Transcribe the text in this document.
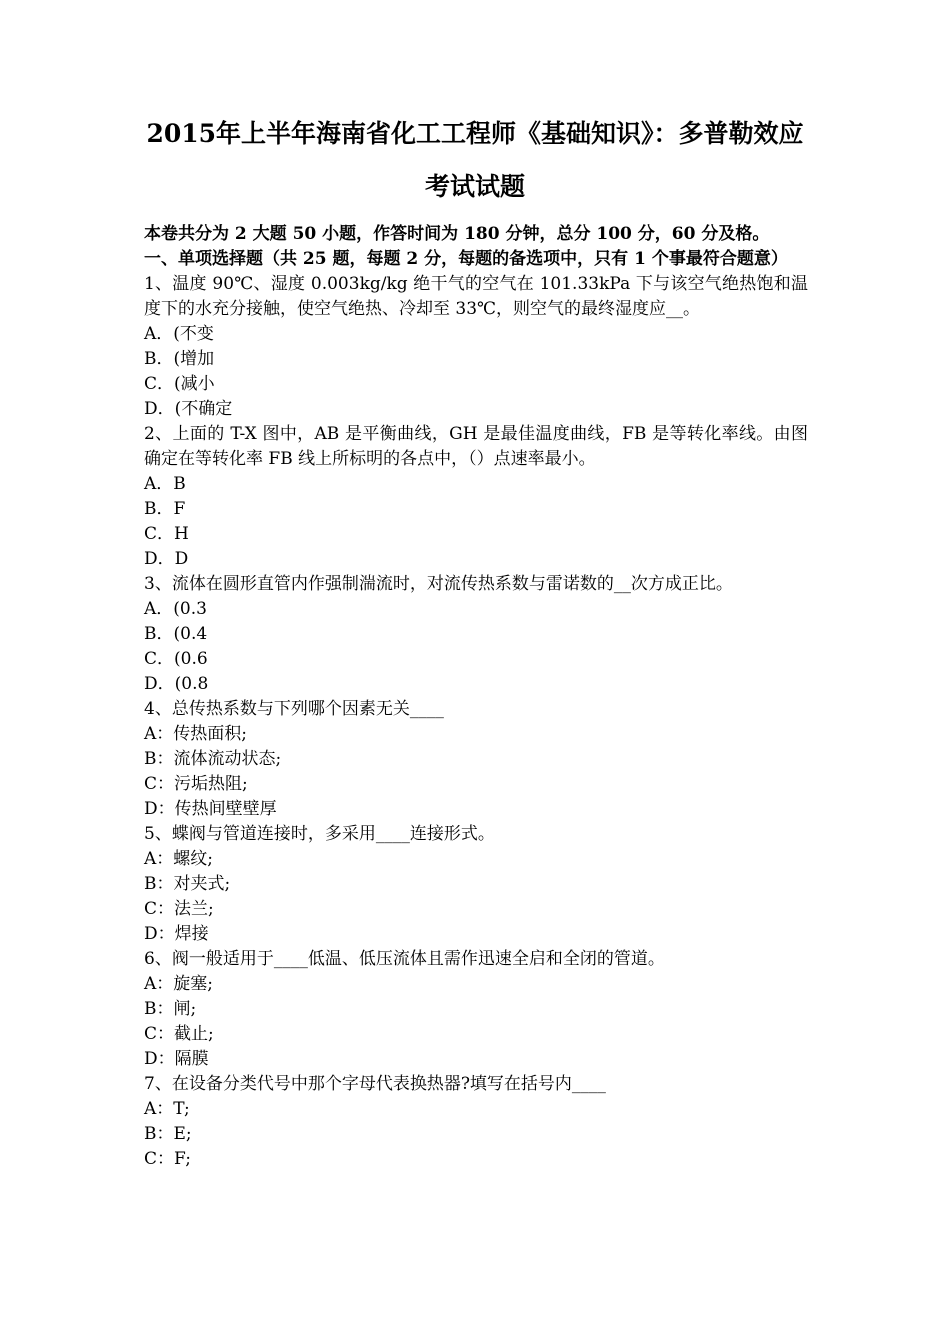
2015年上半年海南省化工工程师《基础知识》：多普勒效应
考试试题
本卷共分为 2 大题 50 小题，作答时间为 180 分钟，总分 100 分，60 分及格。
一、单项选择题（共 25 题，每题 2 分，每题的备选项中，只有 1 个事最符合题意）
1、温度 90℃、湿度 0.003kg/kg 绝干气的空气在 101.33kPa 下与该空气绝热饱和温度下的水充分接触，使空气绝热、冷却至 33℃，则空气的最终湿度应__。
A．(不变
B．(增加
C．(减小
D．(不确定
2、上面的 T-X 图中，AB 是平衡曲线，GH 是最佳温度曲线，FB 是等转化率线。由图确定在等转化率 FB 线上所标明的各点中，（）点速率最小。
A．B
B．F
C．H
D．D
3、流体在圆形直管内作强制湍流时，对流传热系数与雷诺数的__次方成正比。
A．(0.3
B．(0.4
C．(0.6
D．(0.8
4、总传热系数与下列哪个因素无关____
A：传热面积;
B：流体流动状态;
C：污垢热阻;
D：传热间壁壁厚
5、蝶阀与管道连接时，多采用____连接形式。
A：螺纹;
B：对夹式;
C：法兰;
D：焊接
6、阀一般适用于____低温、低压流体且需作迅速全启和全闭的管道。
A：旋塞;
B：闸;
C：截止;
D：隔膜
7、在设备分类代号中那个字母代表换热器?填写在括号内____
A：T;
B：E;
C：F;
